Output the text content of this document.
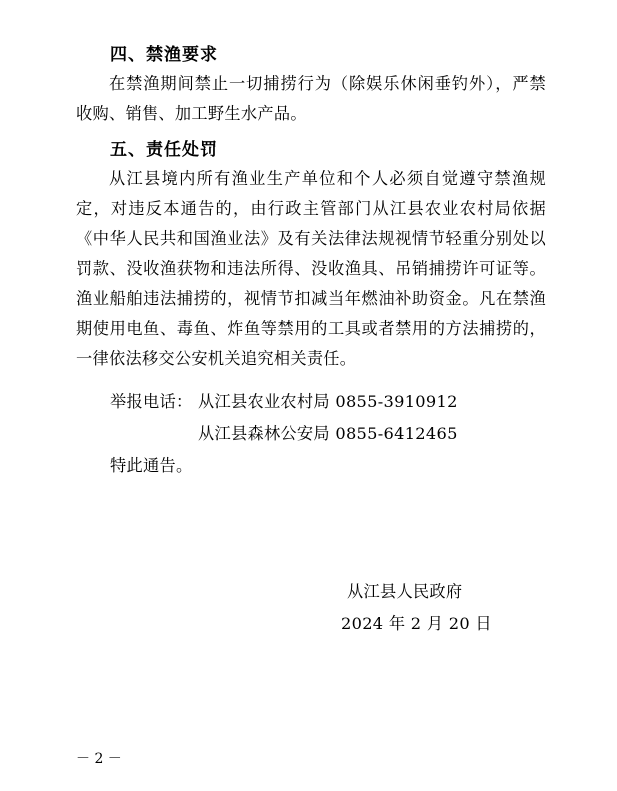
四、禁渔要求

在禁渔期间禁止一切捕捞行为（除娱乐休闲垂钓外），严禁收购、销售、加工野生水产品。

五、责任处罚

从江县境内所有渔业生产单位和个人必须自觉遵守禁渔规定，对违反本通告的，由行政主管部门从江县农业农村局依据《中华人民共和国渔业法》及有关法律法规视情节轻重分别处以罚款、没收渔获物和违法所得、没收渔具、吊销捕捞许可证等。渔业船舶违法捕捞的，视情节扣减当年燃油补助资金。凡在禁渔期使用电鱼、毒鱼、炸鱼等禁用的工具或者禁用的方法捕捞的，一律依法移交公安机关追究相关责任。

举报电话： 从江县农业农村局 0855-3910912
从江县森林公安局 0855-6412465
特此通告。
从江县人民政府
2024 年 2 月 20 日
－ 2 －
